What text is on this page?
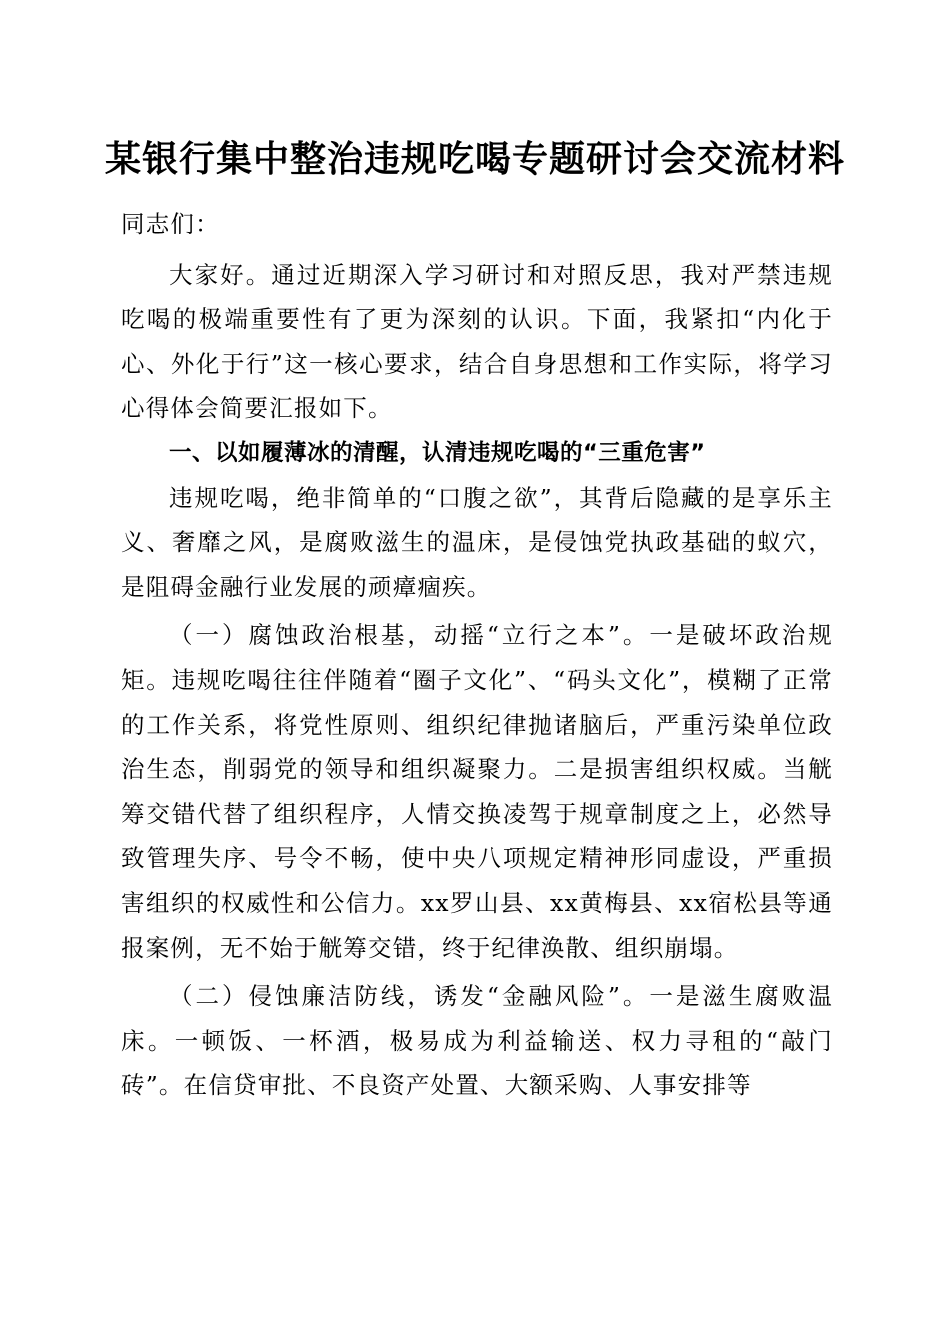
某银行集中整治违规吃喝专题研讨会交流材料

同志们：

大家好。通过近期深入学习研讨和对照反思，我对严禁违规吃喝的极端重要性有了更为深刻的认识。下面，我紧扣“内化于心、外化于行”这一核心要求，结合自身思想和工作实际，将学习心得体会简要汇报如下。

一、以如履薄冰的清醒，认清违规吃喝的“三重危害”

违规吃喝，绝非简单的“口腹之欲”，其背后隐藏的是享乐主义、奢靡之风，是腐败滋生的温床，是侵蚀党执政基础的蚁穴，是阻碍金融行业发展的顽瘴痼疾。

（一）腐蚀政治根基，动摇“立行之本”。一是破坏政治规矩。违规吃喝往往伴随着“圈子文化”、“码头文化”，模糊了正常的工作关系，将党性原则、组织纪律抛诸脑后，严重污染单位政治生态，削弱党的领导和组织凝聚力。二是损害组织权威。当觥筹交错代替了组织程序，人情交换凌驾于规章制度之上，必然导致管理失序、号令不畅，使中央八项规定精神形同虚设，严重损害组织的权威性和公信力。xx罗山县、xx黄梅县、xx宿松县等通报案例，无不始于觥筹交错，终于纪律涣散、组织崩塌。

（二）侵蚀廉洁防线，诱发“金融风险”。一是滋生腐败温床。一顿饭、一杯酒，极易成为利益输送、权力寻租的“敲门砖”。在信贷审批、不良资产处置、大额采购、人事安排等
